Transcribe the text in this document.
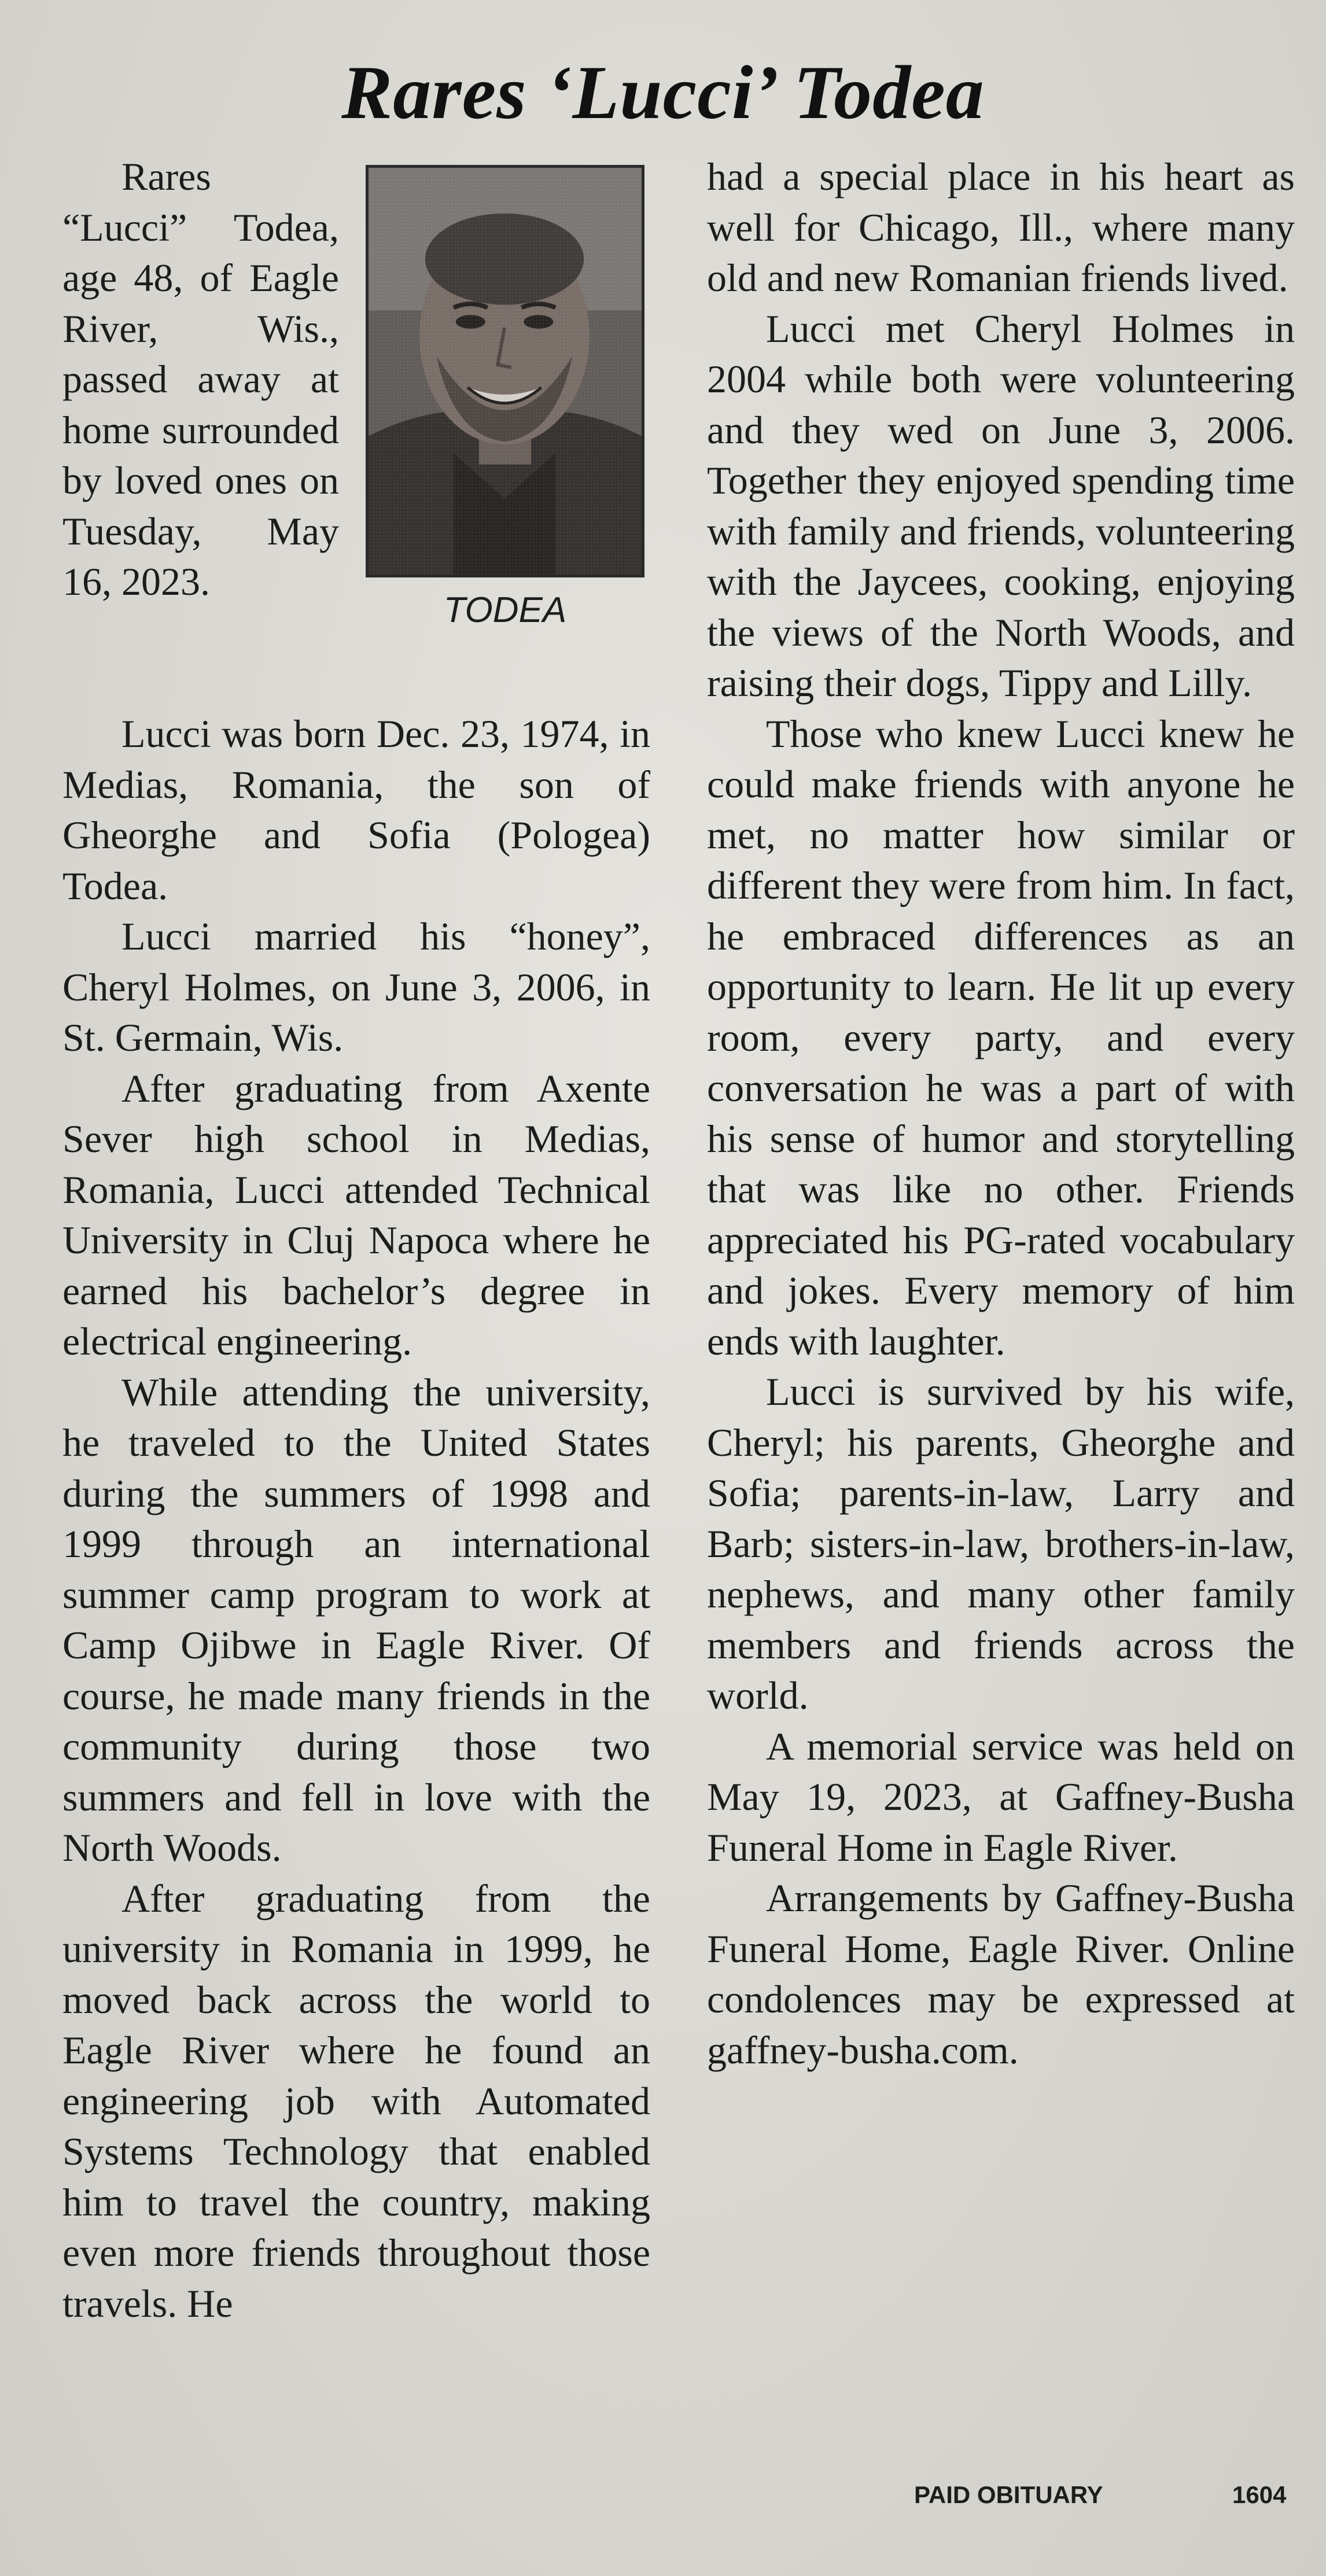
Rares ‘Lucci’ Todea

Rares “Lucci” Todea, age 48, of Eagle River, Wis., passed away at home surrounded by loved ones on Tuesday, May 16, 2023.

TODEA

Lucci was born Dec. 23, 1974, in Medias, Romania, the son of Gheorghe and Sofia (Pologea) Todea.

Lucci married his “honey”, Cheryl Holmes, on June 3, 2006, in St. Germain, Wis.

After graduating from Axente Sever high school in Medias, Romania, Lucci attended Technical University in Cluj Napoca where he earned his bachelor’s degree in electrical engineering.

While attending the university, he traveled to the United States during the summers of 1998 and 1999 through an international summer camp program to work at Camp Ojibwe in Eagle River. Of course, he made many friends in the community during those two summers and fell in love with the North Woods.

After graduating from the university in Romania in 1999, he moved back across the world to Eagle River where he found an engineering job with Automated Systems Technology that enabled him to travel the country, making even more friends throughout those travels. He

had a special place in his heart as well for Chicago, Ill., where many old and new Romanian friends lived.

Lucci met Cheryl Holmes in 2004 while both were volunteering and they wed on June 3, 2006. Together they enjoyed spending time with family and friends, volunteering with the Jaycees, cooking, enjoying the views of the North Woods, and raising their dogs, Tippy and Lilly.

Those who knew Lucci knew he could make friends with anyone he met, no matter how similar or different they were from him. In fact, he embraced differences as an opportunity to learn. He lit up every room, every party, and every conversation he was a part of with his sense of humor and storytelling that was like no other. Friends appreciated his PG-rated vocabulary and jokes. Every memory of him ends with laughter.

Lucci is survived by his wife, Cheryl; his parents, Gheorghe and Sofia; parents-in-law, Larry and Barb; sisters-in-law, brothers-in-law, nephews, and many other family members and friends across the world.

A memorial service was held on May 19, 2023, at Gaffney-Busha Funeral Home in Eagle River.

Arrangements by Gaffney-Busha Funeral Home, Eagle River. Online condolences may be expressed at gaffney-busha.com.

PAID OBITUARY	1604
